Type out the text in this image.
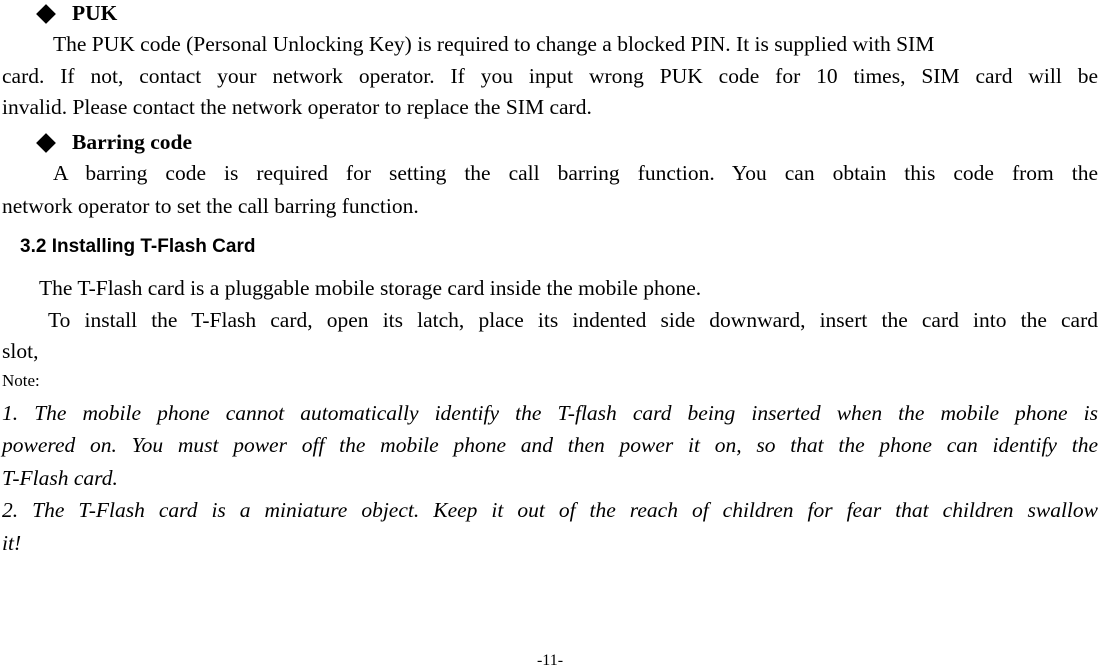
PUK
The PUK code (Personal Unlocking Key) is required to change a blocked PIN. It is supplied with SIM
card. If not, contact your network operator. If you input wrong PUK code for 10 times, SIM card will be
invalid. Please contact the network operator to replace the SIM card.
Barring code
A barring code is required for setting the call barring function. You can obtain this code from the
network operator to set the call barring function.
3.2 Installing T-Flash Card
The T-Flash card is a pluggable mobile storage card inside the mobile phone.
To install the T-Flash card, open its latch, place its indented side downward, insert the card into the card
slot,
Note:
1. The mobile phone cannot automatically identify the T-flash card being inserted when the mobile phone is
powered on. You must power off the mobile phone and then power it on, so that the phone can identify the
T-Flash card.
2. The T-Flash card is a miniature object. Keep it out of the reach of children for fear that children swallow
it!
-11-
